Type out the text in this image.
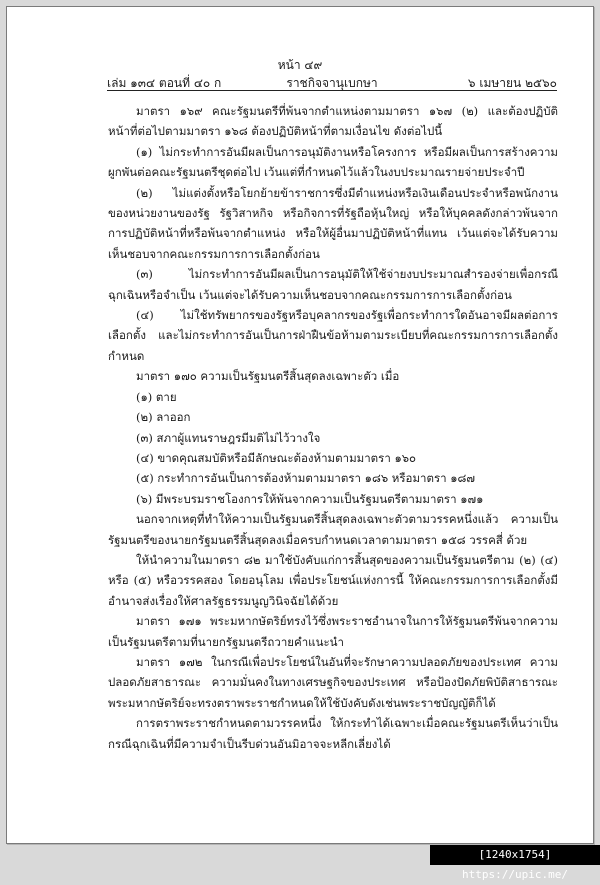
หน้า ๔๙
เล่ม ๑๓๔ ตอนที่ ๔๐ ก	ราชกิจจานุเบกษา	๖ เมษายน ๒๕๖๐

มาตรา ๑๖๙ คณะรัฐมนตรีที่พ้นจากตำแหน่งตามมาตรา ๑๖๗ (๒) และต้องปฏิบัติหน้าที่ต่อไปตามมาตรา ๑๖๘ ต้องปฏิบัติหน้าที่ตามเงื่อนไข ดังต่อไปนี้

(๑) ไม่กระทำการอันมีผลเป็นการอนุมัติงานหรือโครงการ หรือมีผลเป็นการสร้างความผูกพันต่อคณะรัฐมนตรีชุดต่อไป เว้นแต่ที่กำหนดไว้แล้วในงบประมาณรายจ่ายประจำปี

(๒) ไม่แต่งตั้งหรือโยกย้ายข้าราชการซึ่งมีตำแหน่งหรือเงินเดือนประจำหรือพนักงานของหน่วยงานของรัฐ รัฐวิสาหกิจ หรือกิจการที่รัฐถือหุ้นใหญ่ หรือให้บุคคลดังกล่าวพ้นจากการปฏิบัติหน้าที่หรือพ้นจากตำแหน่ง หรือให้ผู้อื่นมาปฏิบัติหน้าที่แทน เว้นแต่จะได้รับความเห็นชอบจากคณะกรรมการการเลือกตั้งก่อน

(๓) ไม่กระทำการอันมีผลเป็นการอนุมัติให้ใช้จ่ายงบประมาณสำรองจ่ายเพื่อกรณีฉุกเฉินหรือจำเป็น เว้นแต่จะได้รับความเห็นชอบจากคณะกรรมการการเลือกตั้งก่อน

(๔) ไม่ใช้ทรัพยากรของรัฐหรือบุคลากรของรัฐเพื่อกระทำการใดอันอาจมีผลต่อการเลือกตั้ง และไม่กระทำการอันเป็นการฝ่าฝืนข้อห้ามตามระเบียบที่คณะกรรมการการเลือกตั้งกำหนด

มาตรา ๑๗๐ ความเป็นรัฐมนตรีสิ้นสุดลงเฉพาะตัว เมื่อ

(๑) ตาย

(๒) ลาออก

(๓) สภาผู้แทนราษฎรมีมติไม่ไว้วางใจ

(๔) ขาดคุณสมบัติหรือมีลักษณะต้องห้ามตามมาตรา ๑๖๐

(๕) กระทำการอันเป็นการต้องห้ามตามมาตรา ๑๘๖ หรือมาตรา ๑๘๗

(๖) มีพระบรมราชโองการให้พ้นจากความเป็นรัฐมนตรีตามมาตรา ๑๗๑

นอกจากเหตุที่ทำให้ความเป็นรัฐมนตรีสิ้นสุดลงเฉพาะตัวตามวรรคหนึ่งแล้ว ความเป็นรัฐมนตรีของนายกรัฐมนตรีสิ้นสุดลงเมื่อครบกำหนดเวลาตามมาตรา ๑๕๘ วรรคสี่ ด้วย

ให้นำความในมาตรา ๘๒ มาใช้บังคับแก่การสิ้นสุดของความเป็นรัฐมนตรีตาม (๒) (๔) หรือ (๕) หรือวรรคสอง โดยอนุโลม เพื่อประโยชน์แห่งการนี้ ให้คณะกรรมการการเลือกตั้งมีอำนาจส่งเรื่องให้ศาลรัฐธรรมนูญวินิจฉัยได้ด้วย

มาตรา ๑๗๑ พระมหากษัตริย์ทรงไว้ซึ่งพระราชอำนาจในการให้รัฐมนตรีพ้นจากความเป็นรัฐมนตรีตามที่นายกรัฐมนตรีถวายคำแนะนำ

มาตรา ๑๗๒ ในกรณีเพื่อประโยชน์ในอันที่จะรักษาความปลอดภัยของประเทศ ความปลอดภัยสาธารณะ ความมั่นคงในทางเศรษฐกิจของประเทศ หรือป้องปัดภัยพิบัติสาธารณะ พระมหากษัตริย์จะทรงตราพระราชกำหนดให้ใช้บังคับดังเช่นพระราชบัญญัติก็ได้

การตราพระราชกำหนดตามวรรคหนึ่ง ให้กระทำได้เฉพาะเมื่อคณะรัฐมนตรีเห็นว่าเป็นกรณีฉุกเฉินที่มีความจำเป็นรีบด่วนอันมิอาจจะหลีกเลี่ยงได้

[1240x1754] https://upic.me/
